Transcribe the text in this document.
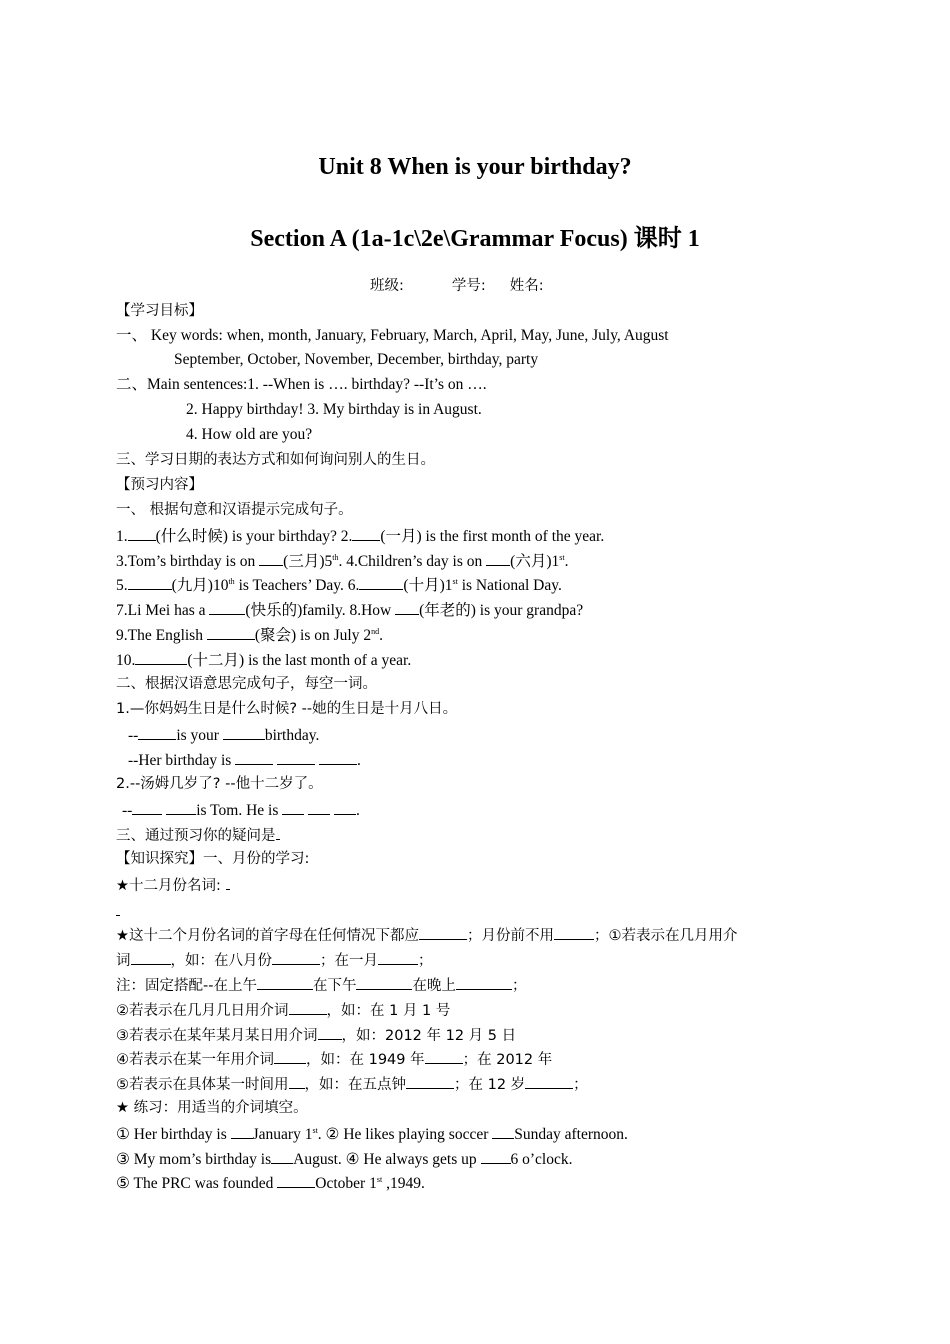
Unit 8 When is your birthday?
Section A (1a-1c\2e\Grammar Focus) 课时 1
班级:	学号: 姓名:
【学习目标】
一、 Key words: when, month, January, February, March, April, May, June, July, August
September, October, November, December, birthday, party
二、Main sentences:1. --When is …. birthday? --It’s on ….
2. Happy birthday! 3. My birthday is in August.
4. How old are you?
三、学习日期的表达方式和如何询问别人的生日。
【预习内容】
一、 根据句意和汉语提示完成句子。
1. (什么时候) is your birthday? 2. (一月) is the first month of the year.
3.Tom’s birthday is on (三月)5th. 4.Children’s day is on (六月)1st.
5.	(九月)10th is Teachers’ Day. 6.	(十月)1st is National Day.
7.Li Mei has a (快乐的)family. 8.How (年老的) is your grandpa?
9.The English	(聚会) is on July 2nd.
10.	(十二月) is the last month of a year.
二、根据汉语意思完成句子，每空一词。
1.—你妈妈生日是什么时候? --她的生日是十月八日。
-- is your	birthday.
--Her birthday is	.
2.--汤姆几岁了? --他十二岁了。
--	is Tom. He is	.
三、通过预习你的疑问是
【知识探究】一、月份的学习:
★十二月份名词:
★这十二个月份名词的首字母在任何情况下都应	；月份前不用	；①若表示在几月用介
词	，如：在八月份	；在一月	；
注：固定搭配--在上午	在下午	在晚上	；
②若表示在几月几日用介词	，如：在 1 月 1 号
③若表示在某年某月某日用介词 ，如：2012 年 12 月 5 日
④若表示在某一年用介词 ，如：在 1949 年	；在 2012 年
⑤若表示在具体某一时间用 ，如：在五点钟	；在 12 岁	；
★ 练习：用适当的介词填空。
① Her birthday is January 1st. ② He likes playing soccer Sunday afternoon.
③ My mom’s birthday is August. ④ He always gets up 6 o’clock.
⑤ The PRC was founded October 1st ,1949.
